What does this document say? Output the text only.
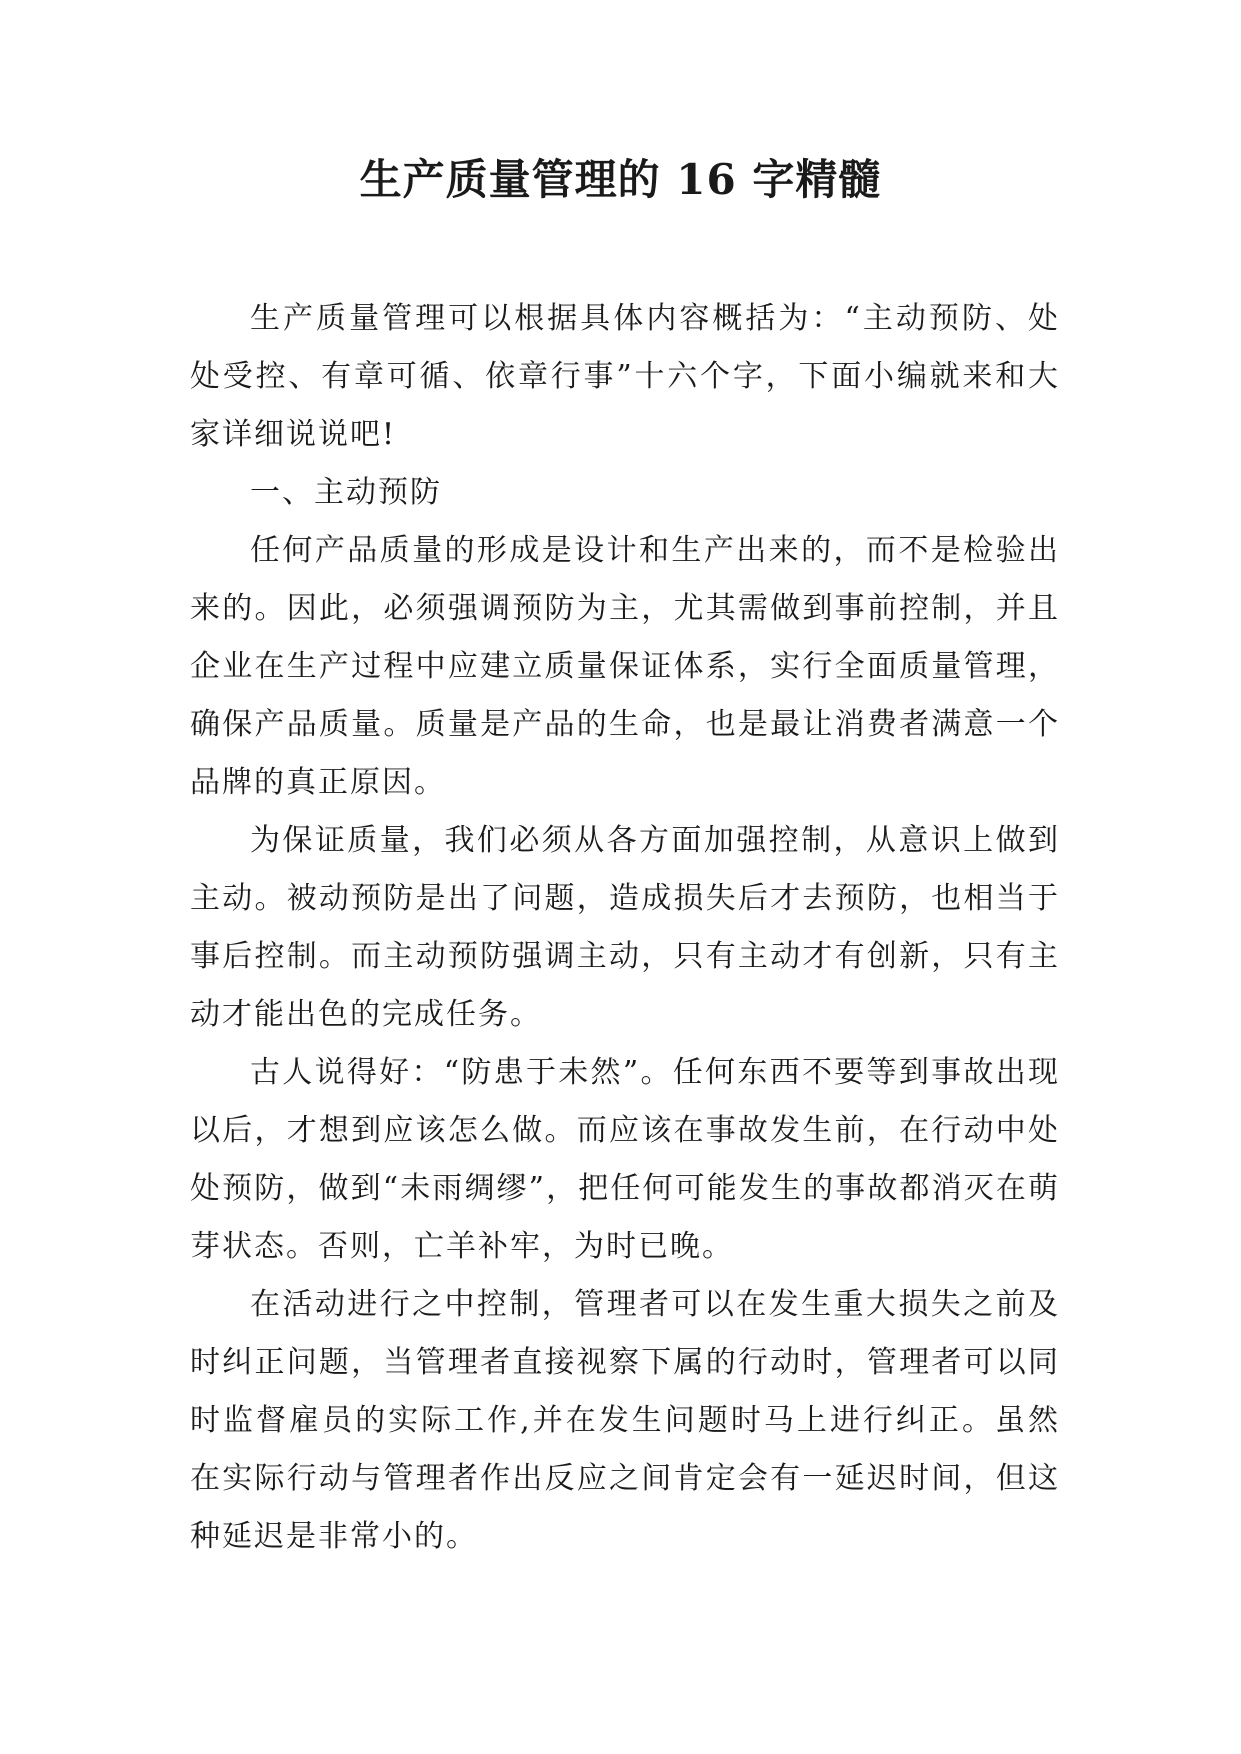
生产质量管理的 16 字精髓

生产质量管理可以根据具体内容概括为：“主动预防、处处受控、有章可循、依章行事”十六个字，下面小编就来和大家详细说说吧!

一、主动预防

任何产品质量的形成是设计和生产出来的，而不是检验出来的。因此，必须强调预防为主，尤其需做到事前控制，并且企业在生产过程中应建立质量保证体系，实行全面质量管理，确保产品质量。质量是产品的生命，也是最让消费者满意一个品牌的真正原因。

为保证质量，我们必须从各方面加强控制，从意识上做到主动。被动预防是出了问题，造成损失后才去预防，也相当于事后控制。而主动预防强调主动，只有主动才有创新，只有主动才能出色的完成任务。

古人说得好：“防患于未然”。任何东西不要等到事故出现以后，才想到应该怎么做。而应该在事故发生前，在行动中处处预防，做到“未雨绸缪”，把任何可能发生的事故都消灭在萌芽状态。否则，亡羊补牢，为时已晚。

在活动进行之中控制，管理者可以在发生重大损失之前及时纠正问题，当管理者直接视察下属的行动时，管理者可以同时监督雇员的实际工作,并在发生问题时马上进行纠正。虽然在实际行动与管理者作出反应之间肯定会有一延迟时间，但这种延迟是非常小的。
